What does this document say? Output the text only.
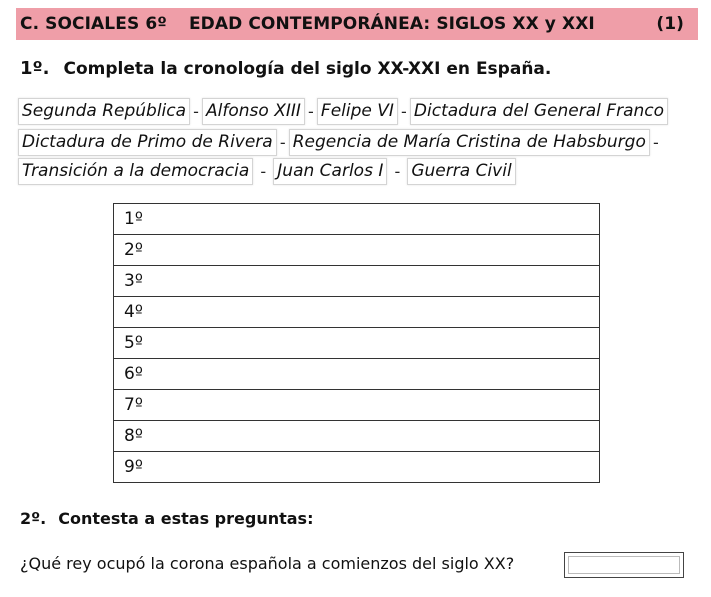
C. SOCIALES 6º EDAD CONTEMPORÁNEA: SIGLOS XX y XXI	(1)
1º. Completa la cronología del siglo XX-XXI en España.
Segunda República - Alfonso XIII - Felipe VI - Dictadura del General Franco
Dictadura de Primo de Rivera - Regencia de María Cristina de Habsburgo -
Transición a la democracia - Juan Carlos I - Guerra Civil
1º
2º
3º
4º
5º
6º
7º
8º
9º
2º. Contesta a estas preguntas:
¿Qué rey ocupó la corona española a comienzos del siglo XX?
